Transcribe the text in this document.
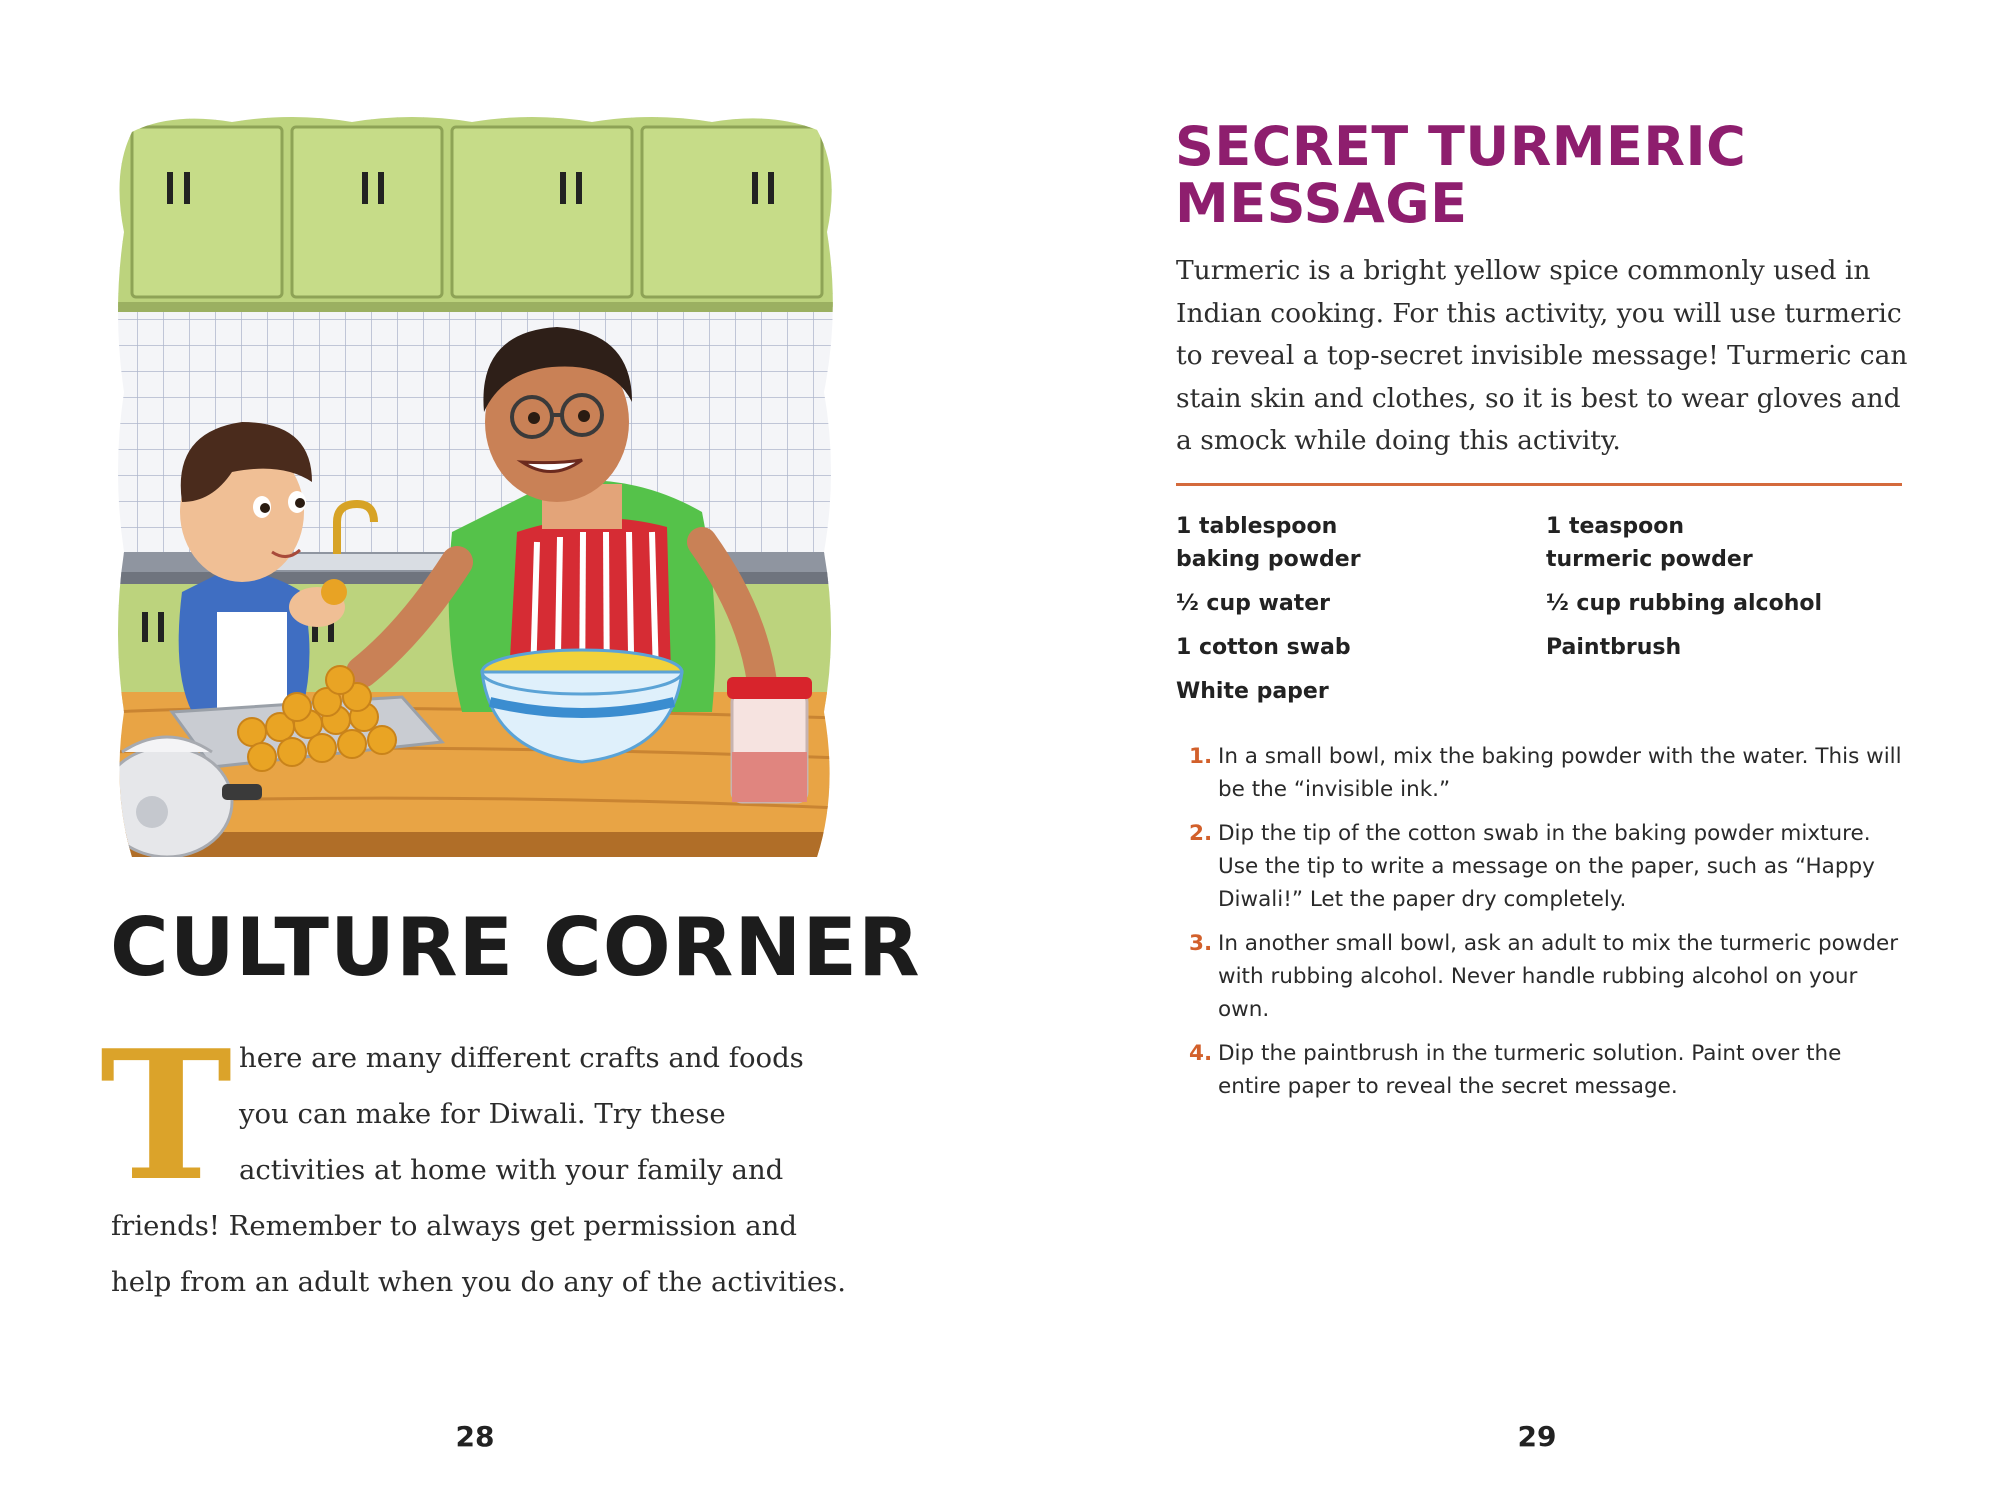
CULTURE CORNER
T here are many different crafts and foods you can make for Diwali. Try these activities at home with your family and friends! Remember to always get permission and help from an adult when you do any of the activities.
28
SECRET TURMERIC
MESSAGE

Turmeric is a bright yellow spice commonly used in Indian cooking. For this activity, you will use turmeric to reveal a top-secret invisible message! Turmeric can stain skin and clothes, so it is best to wear gloves and a smock while doing this activity.

1 tablespoon
baking powder
½ cup water
1 cotton swab
White paper
1 teaspoon
turmeric powder
½ cup rubbing alcohol
Paintbrush
1. In a small bowl, mix the baking powder with the water. This will be the “invisible ink.”
2. Dip the tip of the cotton swab in the baking powder mixture. Use the tip to write a message on the paper, such as “Happy Diwali!” Let the paper dry completely.
3. In another small bowl, ask an adult to mix the turmeric powder with rubbing alcohol. Never handle rubbing alcohol on your own.
4. Dip the paintbrush in the turmeric solution. Paint over the entire paper to reveal the secret message.
29
